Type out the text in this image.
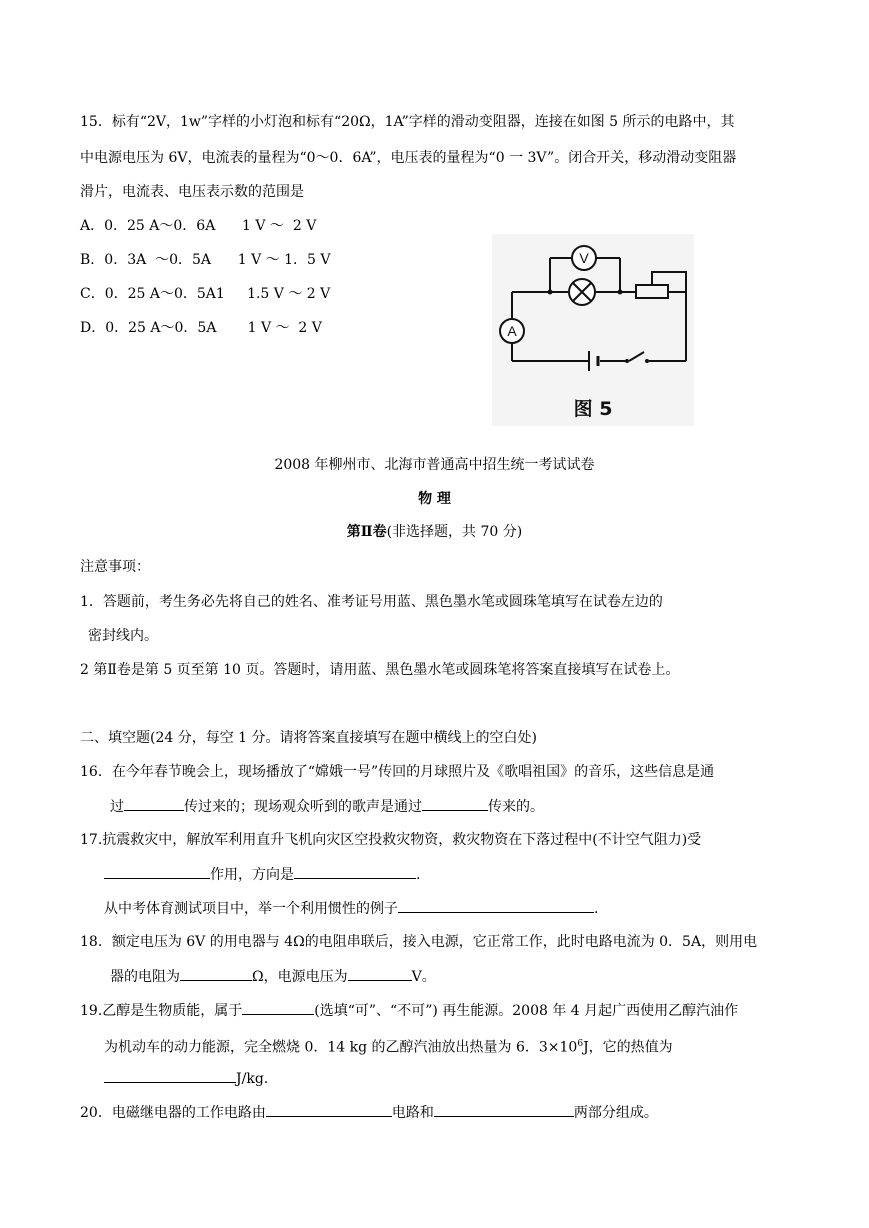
15．标有“2V，1w”字样的小灯泡和标有“20Ω，1A”字样的滑动变阻器，连接在如图 5 所示的电路中，其
中电源电压为 6V，电流表的量程为“0～0．6A”，电压表的量程为“0 一 3V”。闭合开关，移动滑动变阻器
滑片，电流表、电压表示数的范围是
A．0．25 A～0．6A      1 V ～  2 V
B．0．3A  ～0．5A      1 V ～ 1．5 V
C．0．25 A～0．5A1     1.5 V ～ 2 V
D．0．25 A～0．5A       1 V ～  2 V
V
A
图 5
2008 年柳州市、北海市普通高中招生统一考试试卷
物 理
第Ⅱ卷(非选择题，共 70 分)
注意事项：
1．答题前，考生务必先将自己的姓名、准考证号用蓝、黑色墨水笔或圆珠笔填写在试卷左边的
密封线内。
2 第Ⅱ卷是第 5 页至第 10 页。答题时，请用蓝、黑色墨水笔或圆珠笔将答案直接填写在试卷上。
二、填空题(24 分，每空 1 分。请将答案直接填写在题中横线上的空白处)
16．在今年春节晚会上，现场播放了“嫦娥一号”传回的月球照片及《歌唱祖国》的音乐，这些信息是通
过	传过来的；现场观众听到的歌声是通过	传来的。
17.抗震救灾中，解放军利用直升飞机向灾区空投救灾物资，救灾物资在下落过程中(不计空气阻力)受
作用，方向是	.
从中考体育测试项目中，举一个利用惯性的例子	.
18．额定电压为 6V 的用电器与 4Ω的电阻串联后，接入电源，它正常工作，此时电路电流为 0．5A，则用电
器的电阻为	Ω，电源电压为	V。
19.乙醇是生物质能，属于	(选填“可”、“不可”) 再生能源。2008 年 4 月起广西使用乙醇汽油作
为机动车的动力能源，完全燃烧 0．14 kg 的乙醇汽油放出热量为 6．$3\times 10^6J$，它的热值为
J/kg.
20．电磁继电器的工作电路由	电路和	两部分组成。
